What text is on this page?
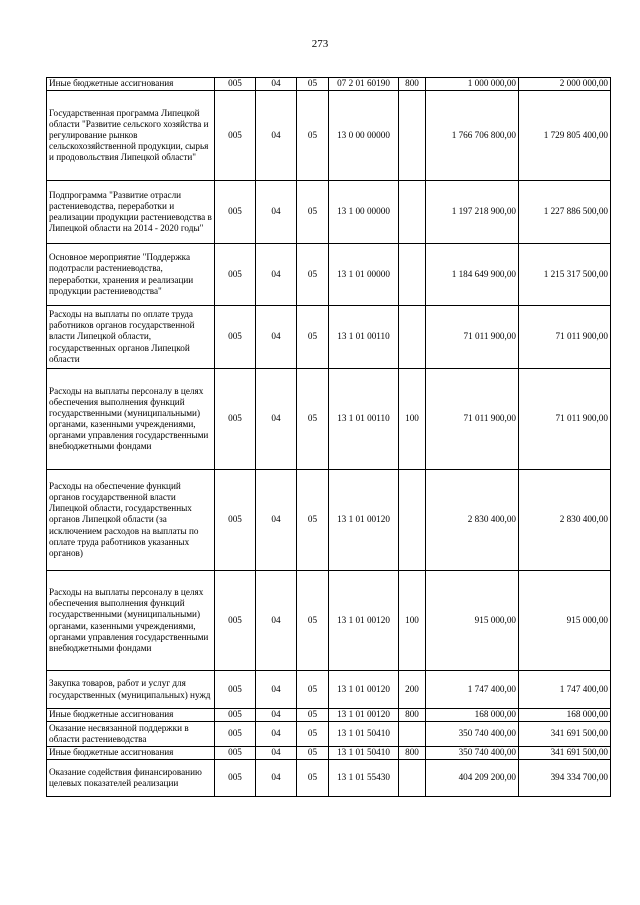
273
Иные бюджетные ассигнования	005	04	05	07 2 01 60190	800	1 000 000,00	2 000 000,00
Государственная программа Липецкой области "Развитие сельского хозяйства и регулирование рынков сельскохозяйственной продукции, сырья и продовольствия Липецкой области"	005	04	05	13 0 00 00000		1 766 706 800,00	1 729 805 400,00
Подпрограмма "Развитие отрасли растениеводства, переработки и реализации продукции растениеводства в Липецкой области на 2014 - 2020 годы"	005	04	05	13 1 00 00000		1 197 218 900,00	1 227 886 500,00
Основное мероприятие "Поддержка подотрасли растениеводства, переработки, хранения и реализации продукции растениеводства"	005	04	05	13 1 01 00000		1 184 649 900,00	1 215 317 500,00
Расходы на выплаты по оплате труда работников органов государственной власти Липецкой области, государственных органов Липецкой области	005	04	05	13 1 01 00110		71 011 900,00	71 011 900,00
Расходы на выплаты персоналу в целях обеспечения выполнения функций государственными (муниципальными) органами, казенными учреждениями, органами управления государственными внебюджетными фондами	005	04	05	13 1 01 00110	100	71 011 900,00	71 011 900,00
Расходы на обеспечение функций органов государственной власти Липецкой области, государственных органов Липецкой области (за исключением расходов на выплаты по оплате труда работников указанных органов)	005	04	05	13 1 01 00120		2 830 400,00	2 830 400,00
Расходы на выплаты персоналу в целях обеспечения выполнения функций государственными (муниципальными) органами, казенными учреждениями, органами управления государственными внебюджетными фондами	005	04	05	13 1 01 00120	100	915 000,00	915 000,00
Закупка товаров, работ и услуг для государственных (муниципальных) нужд	005	04	05	13 1 01 00120	200	1 747 400,00	1 747 400,00
Иные бюджетные ассигнования	005	04	05	13 1 01 00120	800	168 000,00	168 000,00
Оказание несвязанной поддержки в области растениеводства	005	04	05	13 1 01 50410		350 740 400,00	341 691 500,00
Иные бюджетные ассигнования	005	04	05	13 1 01 50410	800	350 740 400,00	341 691 500,00
Оказание содействия финансированию целевых показателей реализации	005	04	05	13 1 01 55430		404 209 200,00	394 334 700,00
